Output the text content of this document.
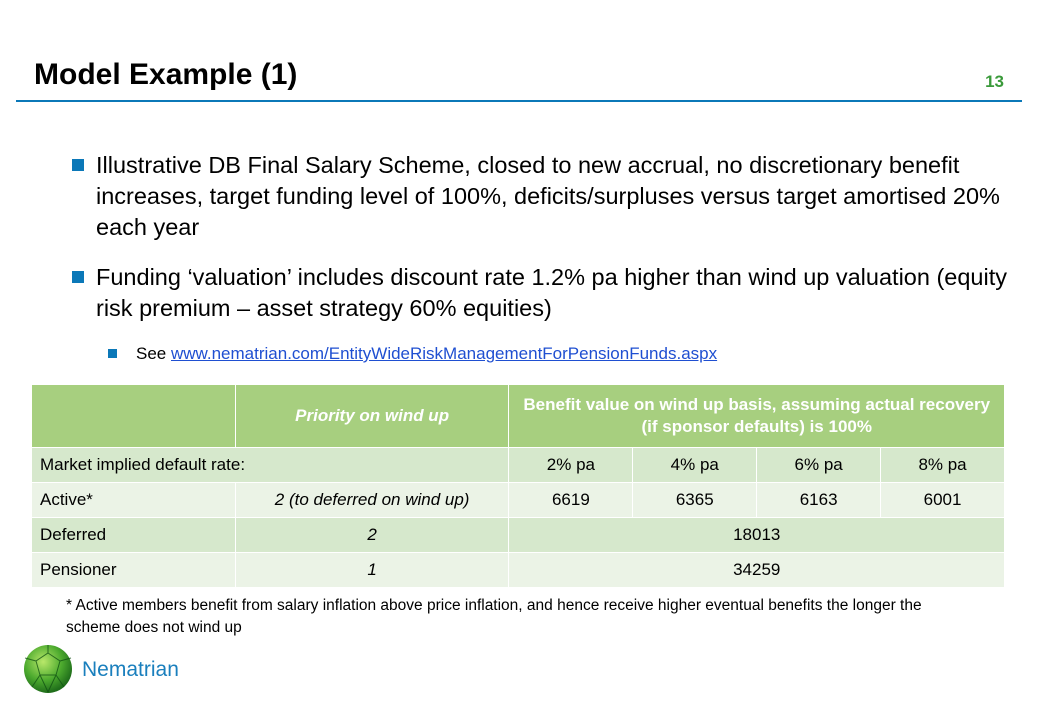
Model Example (1)	13
Illustrative DB Final Salary Scheme, closed to new accrual, no discretionary benefit increases, target funding level of 100%, deficits/surpluses versus target amortised 20% each year
Funding ‘valuation’ includes discount rate 1.2% pa higher than wind up valuation (equity risk premium – asset strategy 60% equities)
See www.nematrian.com/EntityWideRiskManagementForPensionFunds.aspx
	Priority on wind up	Benefit value on wind up basis, assuming actual recovery (if sponsor defaults) is 100%			
Market implied default rate:		2% pa	4% pa	6% pa	8% pa
Active*	2 (to deferred on wind up)	6619	6365	6163	6001
Deferred	2	18013			
Pensioner	1	34259			
* Active members benefit from salary inflation above price inflation, and hence receive higher eventual benefits the longer the scheme does not wind up
Nematrian
